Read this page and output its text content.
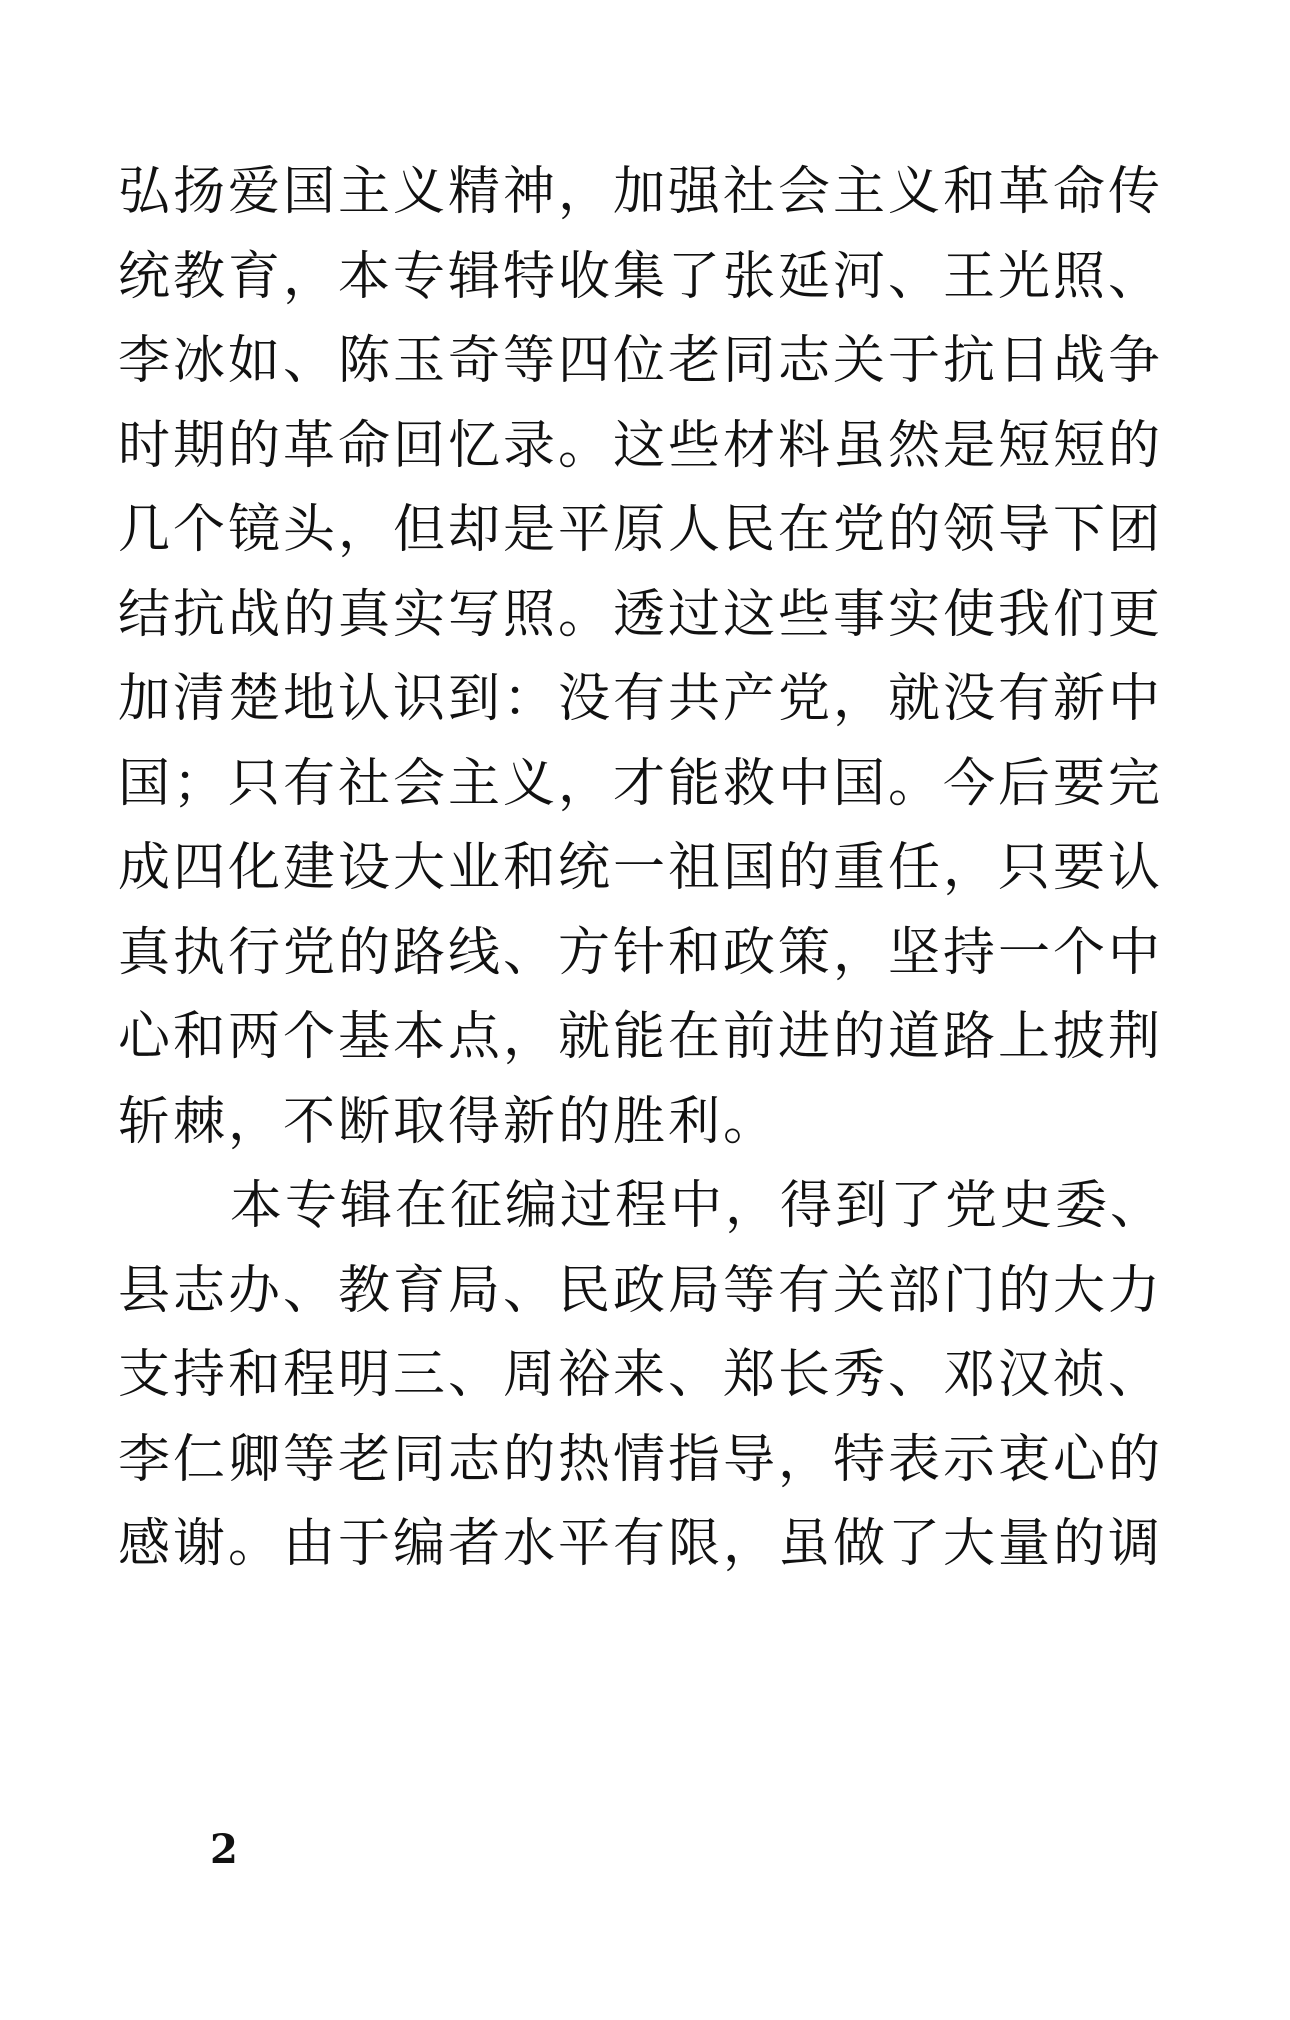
弘扬爱国主义精神，加强社会主义和革命传
统教育，本专辑特收集了张延河、王光照、
李冰如、陈玉奇等四位老同志关于抗日战争
时期的革命回忆录。这些材料虽然是短短的
几个镜头，但却是平原人民在党的领导下团
结抗战的真实写照。透过这些事实使我们更
加清楚地认识到：没有共产党，就没有新中
国；只有社会主义，才能救中国。今后要完
成四化建设大业和统一祖国的重任，只要认
真执行党的路线、方针和政策，坚持一个中
心和两个基本点，就能在前进的道路上披荆
斩棘，不断取得新的胜利。
本专辑在征编过程中，得到了党史委、
县志办、教育局、民政局等有关部门的大力
支持和程明三、周裕来、郑长秀、邓汉祯、
李仁卿等老同志的热情指导，特表示衷心的
感谢。由于编者水平有限，虽做了大量的调
2
